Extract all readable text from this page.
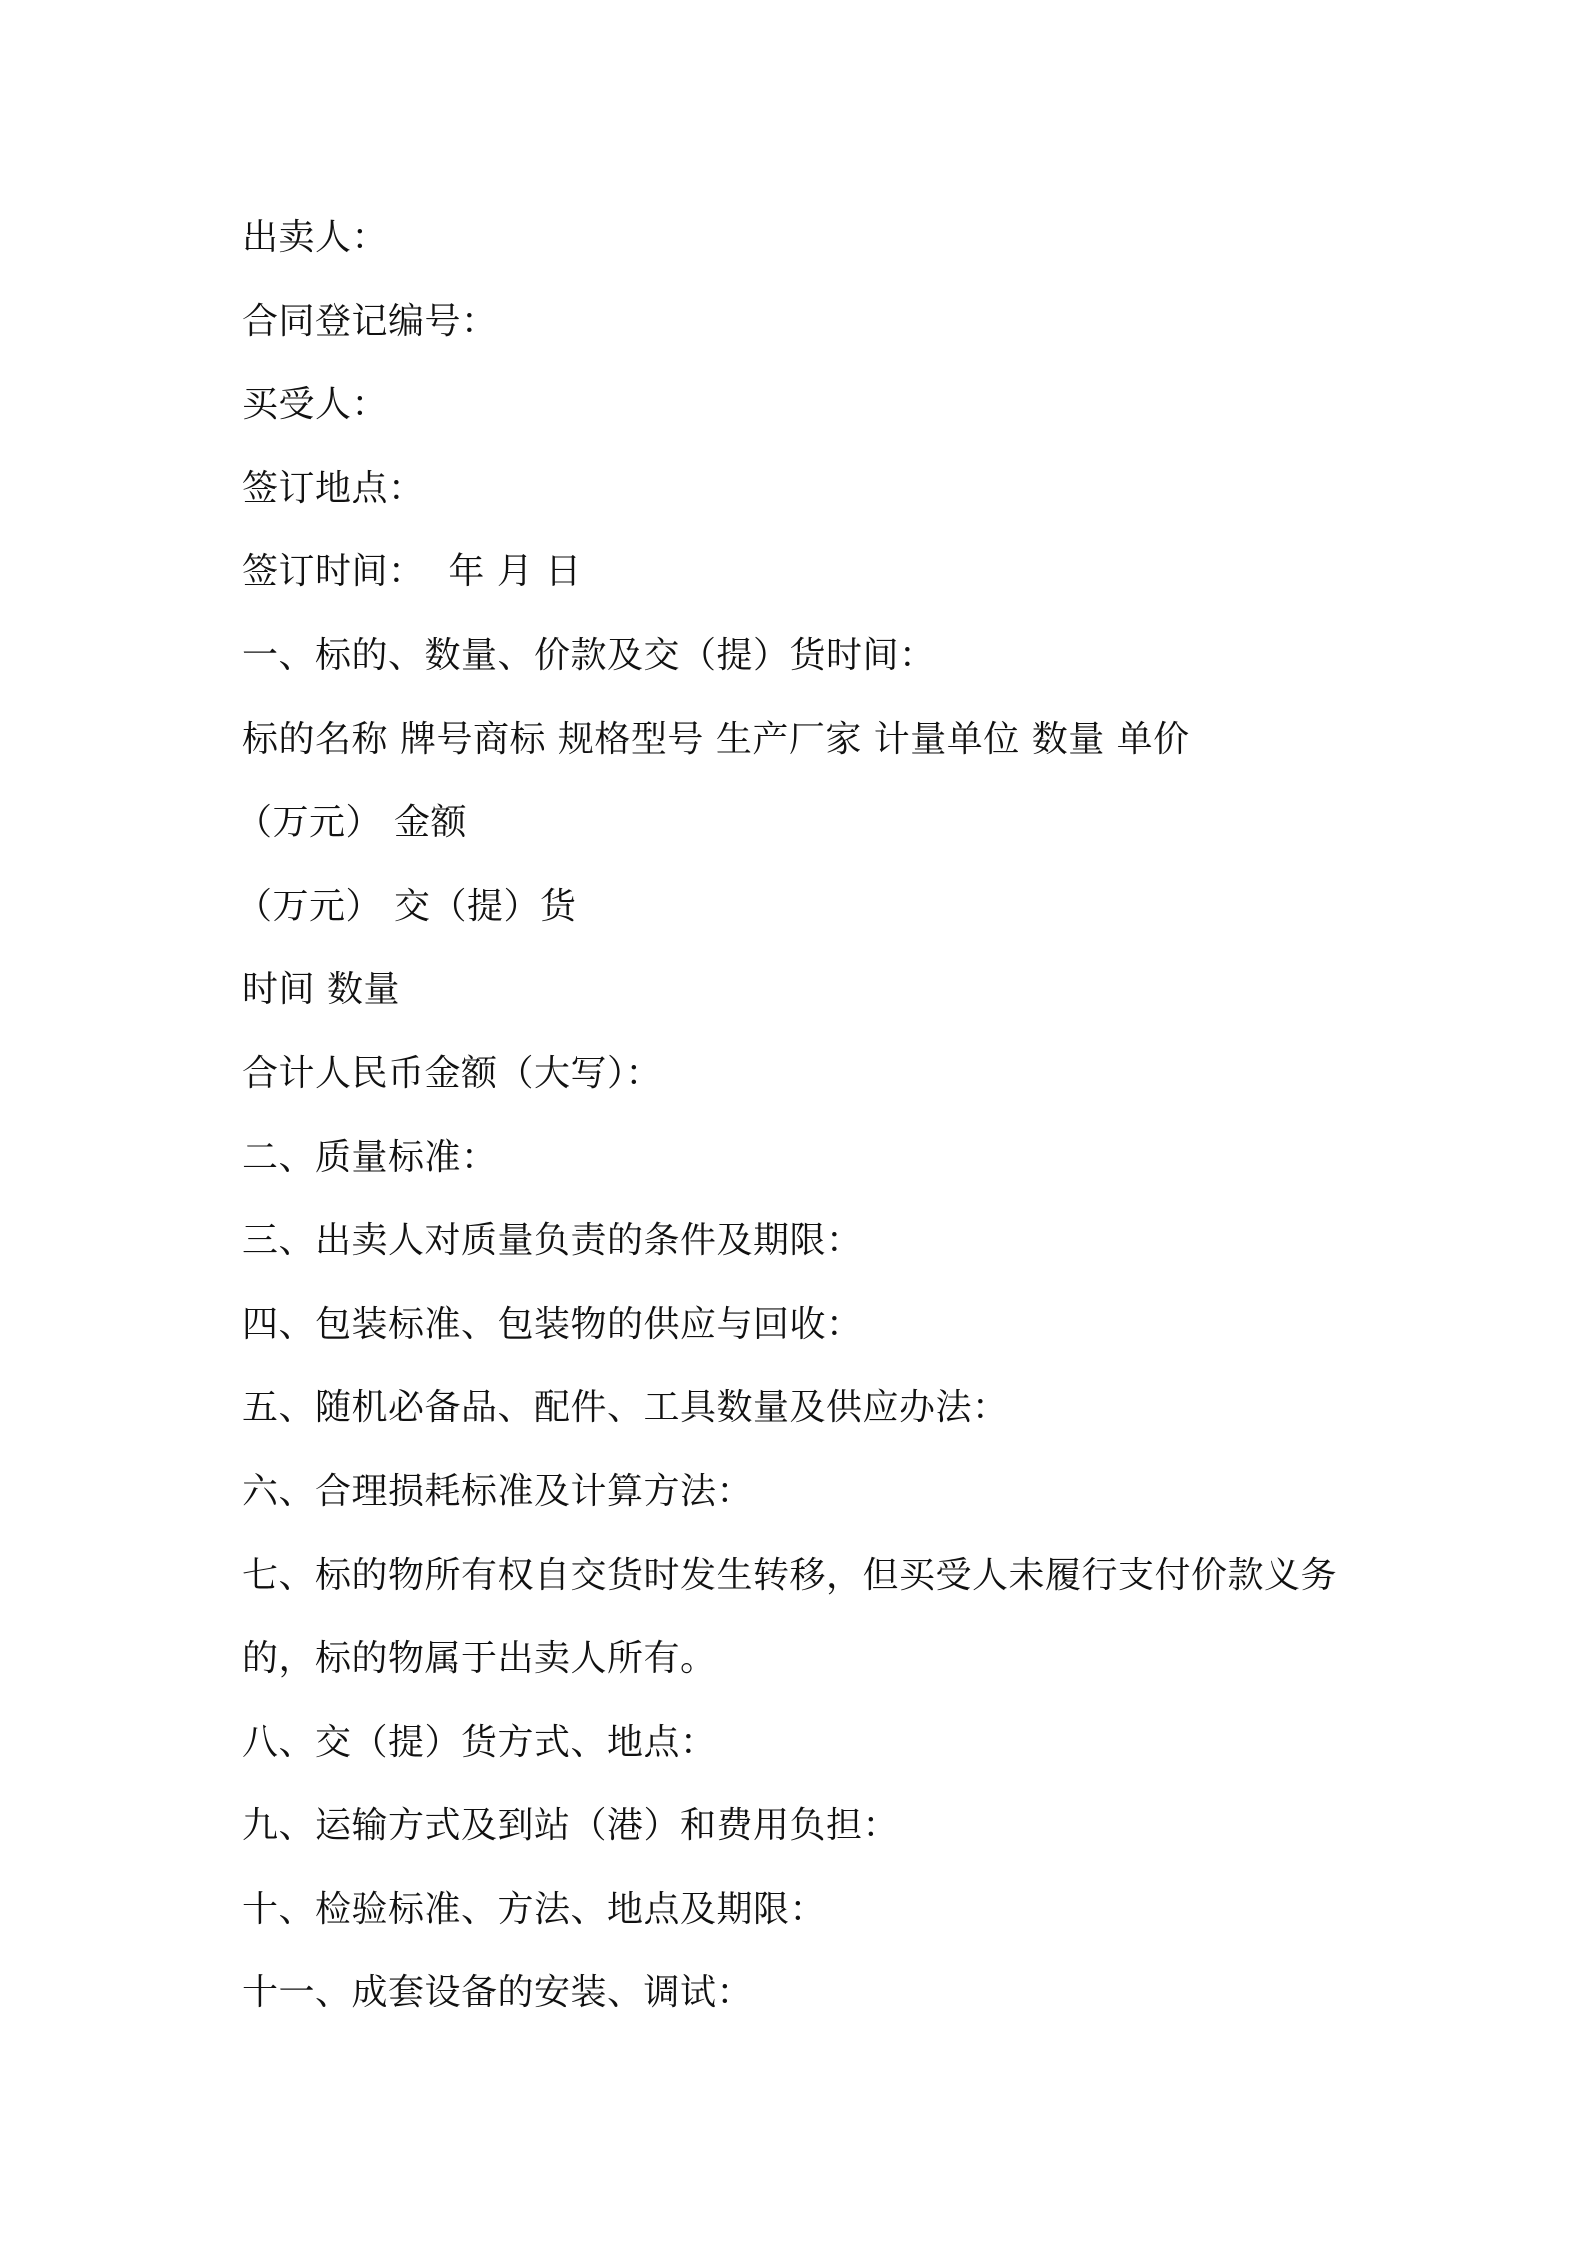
出卖人：
合同登记编号：
买受人：
签订地点：
签订时间：  年 月 日
一、标的、数量、价款及交（提）货时间：
标的名称 牌号商标 规格型号 生产厂家 计量单位 数量 单价
（万元） 金额
（万元） 交（提）货
时间 数量
合计人民币金额（大写）：
二、质量标准：
三、出卖人对质量负责的条件及期限：
四、包装标准、包装物的供应与回收：
五、随机必备品、配件、工具数量及供应办法：
六、合理损耗标准及计算方法：
七、标的物所有权自交货时发生转移，但买受人未履行支付价款义务
的，标的物属于出卖人所有。
八、交（提）货方式、地点：
九、运输方式及到站（港）和费用负担：
十、检验标准、方法、地点及期限：
十一、成套设备的安装、调试：
